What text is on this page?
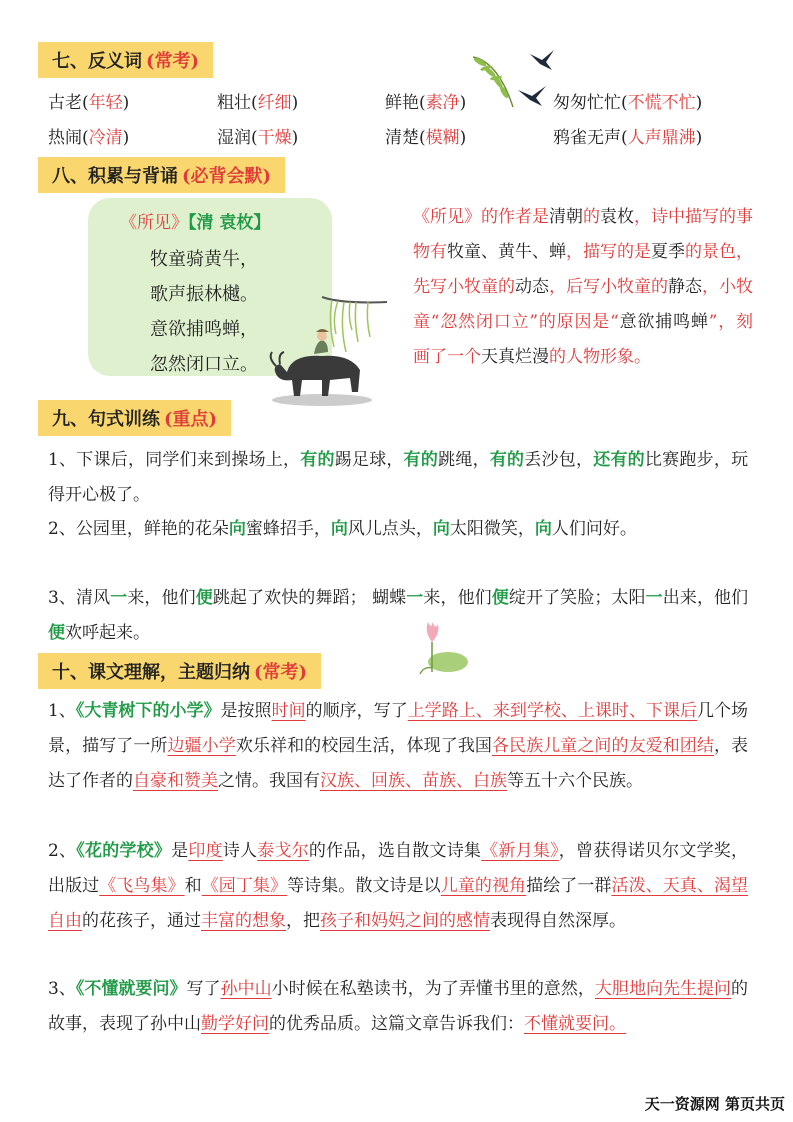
七、反义词 (常考)
古老(年轻)	粗壮(纤细)	鲜艳(素净)	匆匆忙忙(不慌不忙)
热闹(冷清)	湿润(干燥)	清楚(模糊)	鸦雀无声(人声鼎沸)
八、积累与背诵 (必背会默)
《所见》【清 袁枚】
牧童骑黄牛，
歌声振林樾。
意欲捕鸣蝉，
忽然闭口立。
《所见》的作者是清朝的袁枚，诗中描写的事物有牧童、黄牛、蝉，描写的是夏季的景色，先写小牧童的动态，后写小牧童的静态，小牧童“忽然闭口立”的原因是“意欲捕鸣蝉”，刻画了一个天真烂漫的人物形象。
九、句式训练 (重点)
1、下课后，同学们来到操场上，有的踢足球，有的跳绳，有的丢沙包，还有的比赛跑步，玩得开心极了。
2、公园里，鲜艳的花朵向蜜蜂招手，向风儿点头，向太阳微笑，向人们问好。
3、清风一来，他们便跳起了欢快的舞蹈； 蝴蝶一来，他们便绽开了笑脸；太阳一出来，他们便欢呼起来。
十、课文理解，主题归纳 (常考)
1、《大青树下的小学》是按照时间的顺序，写了上学路上、来到学校、上课时、下课后几个场景，描写了一所边疆小学欢乐祥和的校园生活，体现了我国各民族儿童之间的友爱和团结，表达了作者的自豪和赞美之情。我国有汉族、回族、苗族、白族等五十六个民族。
2、《花的学校》是印度诗人泰戈尔的作品，选自散文诗集《新月集》，曾获得诺贝尔文学奖，出版过《飞鸟集》和《园丁集》等诗集。散文诗是以儿童的视角描绘了一群活泼、天真、渴望自由的花孩子，通过丰富的想象，把孩子和妈妈之间的感情表现得自然深厚。
3、《不懂就要问》写了孙中山小时候在私塾读书，为了弄懂书里的意然，大胆地向先生提问的故事，表现了孙中山勤学好问的优秀品质。这篇文章告诉我们：不懂就要问。
天一资源网 第页共页
